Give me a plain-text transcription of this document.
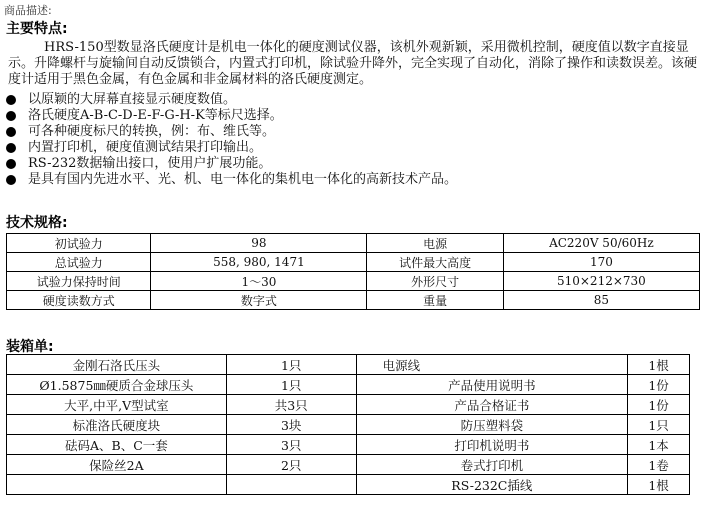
商品描述:
主要特点:
HRS-150型数显洛氏硬度计是机电一体化的硬度测试仪器，该机外观新颖，采用微机控制，硬度值以数字直接显示。升降螺杆与旋输间自动反馈锁合，内置式打印机，除试验升降外，完全实现了自动化，消除了操作和读数误差。该硬度计适用于黑色金属，有色金属和非金属材料的洛氏硬度测定。
以原颖的大屏幕直接显示硬度数值。
洛氏硬度A-B-C-D-E-F-G-H-K等标尺选择。
可各种硬度标尺的转换，例：布、维氏等。
内置打印机，硬度值测试结果打印输出。
RS-232数据输出接口，使用户扩展功能。
是具有国内先进水平、光、机、电一体化的集机电一体化的高新技术产品。
技术规格:
初试验力	98	电源	AC220V 50/60Hz
总试验力	558, 980, 1471	试件最大高度	170
试验力保持时间	1～30	外形尺寸	510×212×730
硬度读数方式	数字式	重量	85
装箱单:
金刚石洛氏压头	1只	电源线	1根
Ø1.5875㎜硬质合金球压头	1只	产品使用说明书	1份
大平,中平,V型试室	共3只	产品合格证书	1份
标准洛氏硬度块	3块	防压塑料袋	1只
砝码A、B、C一套	3只	打印机说明书	1本
保险丝2A	2只	卷式打印机	1卷
		RS-232C插线	1根
